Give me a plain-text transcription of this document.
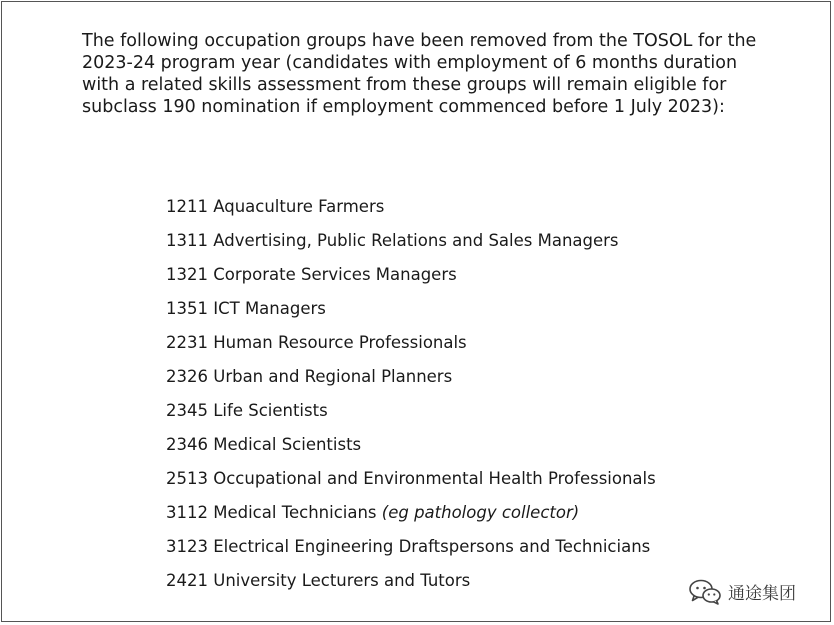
The following occupation groups have been removed from the TOSOL for the 2023-24 program year (candidates with employment of 6 months duration with a related skills assessment from these groups will remain eligible for subclass 190 nomination if employment commenced before 1 July 2023):

1211 Aquaculture Farmers
1311 Advertising, Public Relations and Sales Managers
1321 Corporate Services Managers
1351 ICT Managers
2231 Human Resource Professionals
2326 Urban and Regional Planners
2345 Life Scientists
2346 Medical Scientists
2513 Occupational and Environmental Health Professionals
3112 Medical Technicians (eg pathology collector)
3123 Electrical Engineering Draftspersons and Technicians
2421 University Lecturers and Tutors
通途集团
